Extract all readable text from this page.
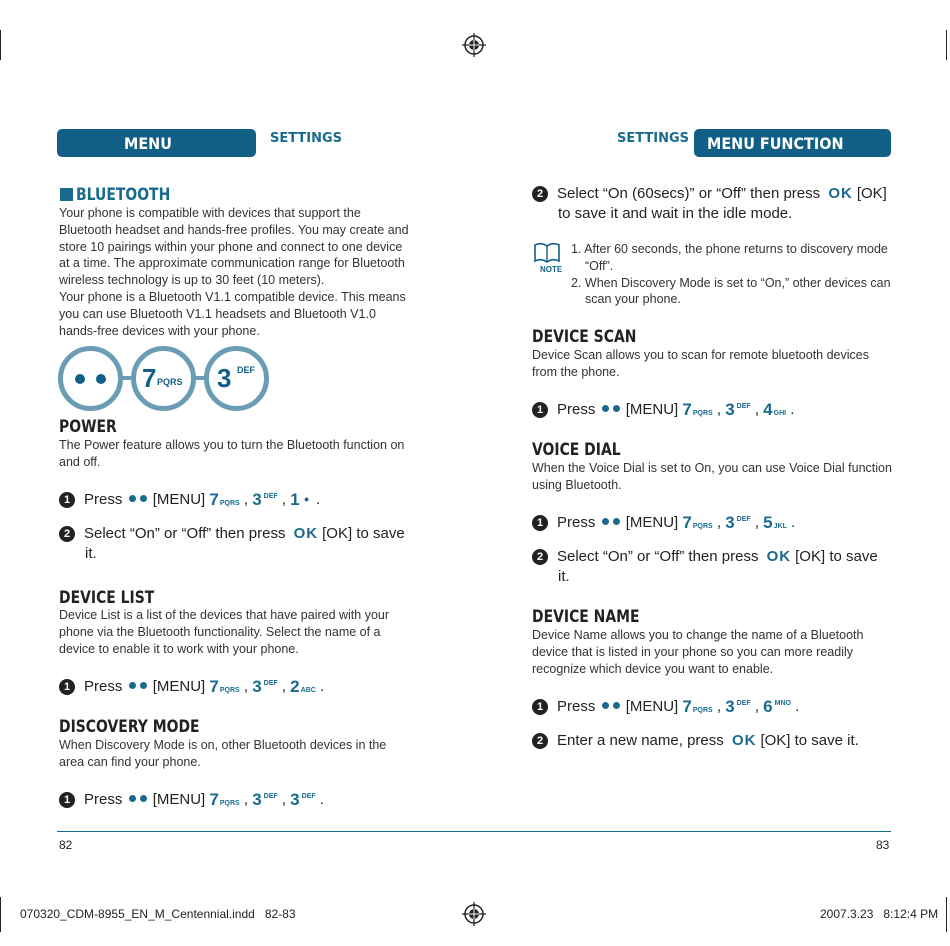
MENU FUNCTION
SETTINGS	SETTINGS MENU FUNCTION
BLUETOOTH
Your phone is compatible with devices that support the Bluetooth headset and hands-free profiles. You may create and store 10 pairings within your phone and connect to one device at a time. The approximate communication range for Bluetooth wireless technology is up to 30 feet (10 meters).
Your phone is a Bluetooth V1.1 compatible device. This means you can use Bluetooth V1.1 headsets and Bluetooth V1.0 hands-free devices with your phone.
7 PQRS 3 DEF
POWER
The Power feature allows you to turn the Bluetooth function on and off.
1 Press [MENU] 7PQRS , 3 $^{DEF}$ , 1 ● .
2 Select “On” or “Off” then press OK [OK] to save
it.
DEVICE LIST
Device List is a list of the devices that have paired with your phone via the Bluetooth functionality. Select the name of a device to enable it to work with your phone.
1 Press [MENU] 7PQRS , 3 $^{DEF}$ , 2ABC .
DISCOVERY MODE
When Discovery Mode is on, other Bluetooth devices in the area can find your phone.
1 Press [MENU] 7PQRS , 3 $^{DEF}$ , 3 $^{DEF}$ .
2 Select “On (60secs)” or “Off” then press OK [OK]
to save it and wait in the idle mode.
NOTE
1. After 60 seconds, the phone returns to discovery mode
“Off”.
2. When Discovery Mode is set to “On,” other devices can
scan your phone.
DEVICE SCAN
Device Scan allows you to scan for remote bluetooth devices from the phone.
1 Press [MENU] 7PQRS , 3 $^{DEF}$ , 4GHI .
VOICE DIAL
When the Voice Dial is set to On, you can use Voice Dial function using Bluetooth.
1 Press [MENU] 7PQRS , 3 $^{DEF}$ , 5JKL .
2 Select “On” or “Off” then press OK [OK] to save
it.
DEVICE NAME
Device Name allows you to change the name of a Bluetooth device that is listed in your phone so you can more readily recognize which device you want to enable.
1 Press [MENU] 7PQRS , 3 $^{DEF}$ , 6 $^{MNO}$ .
2 Enter a new name, press OK [OK] to save it.
82	83
070320_CDM-8955_EN_M_Centennial.indd   82-83	2007.3.23   8:12:4 PM
